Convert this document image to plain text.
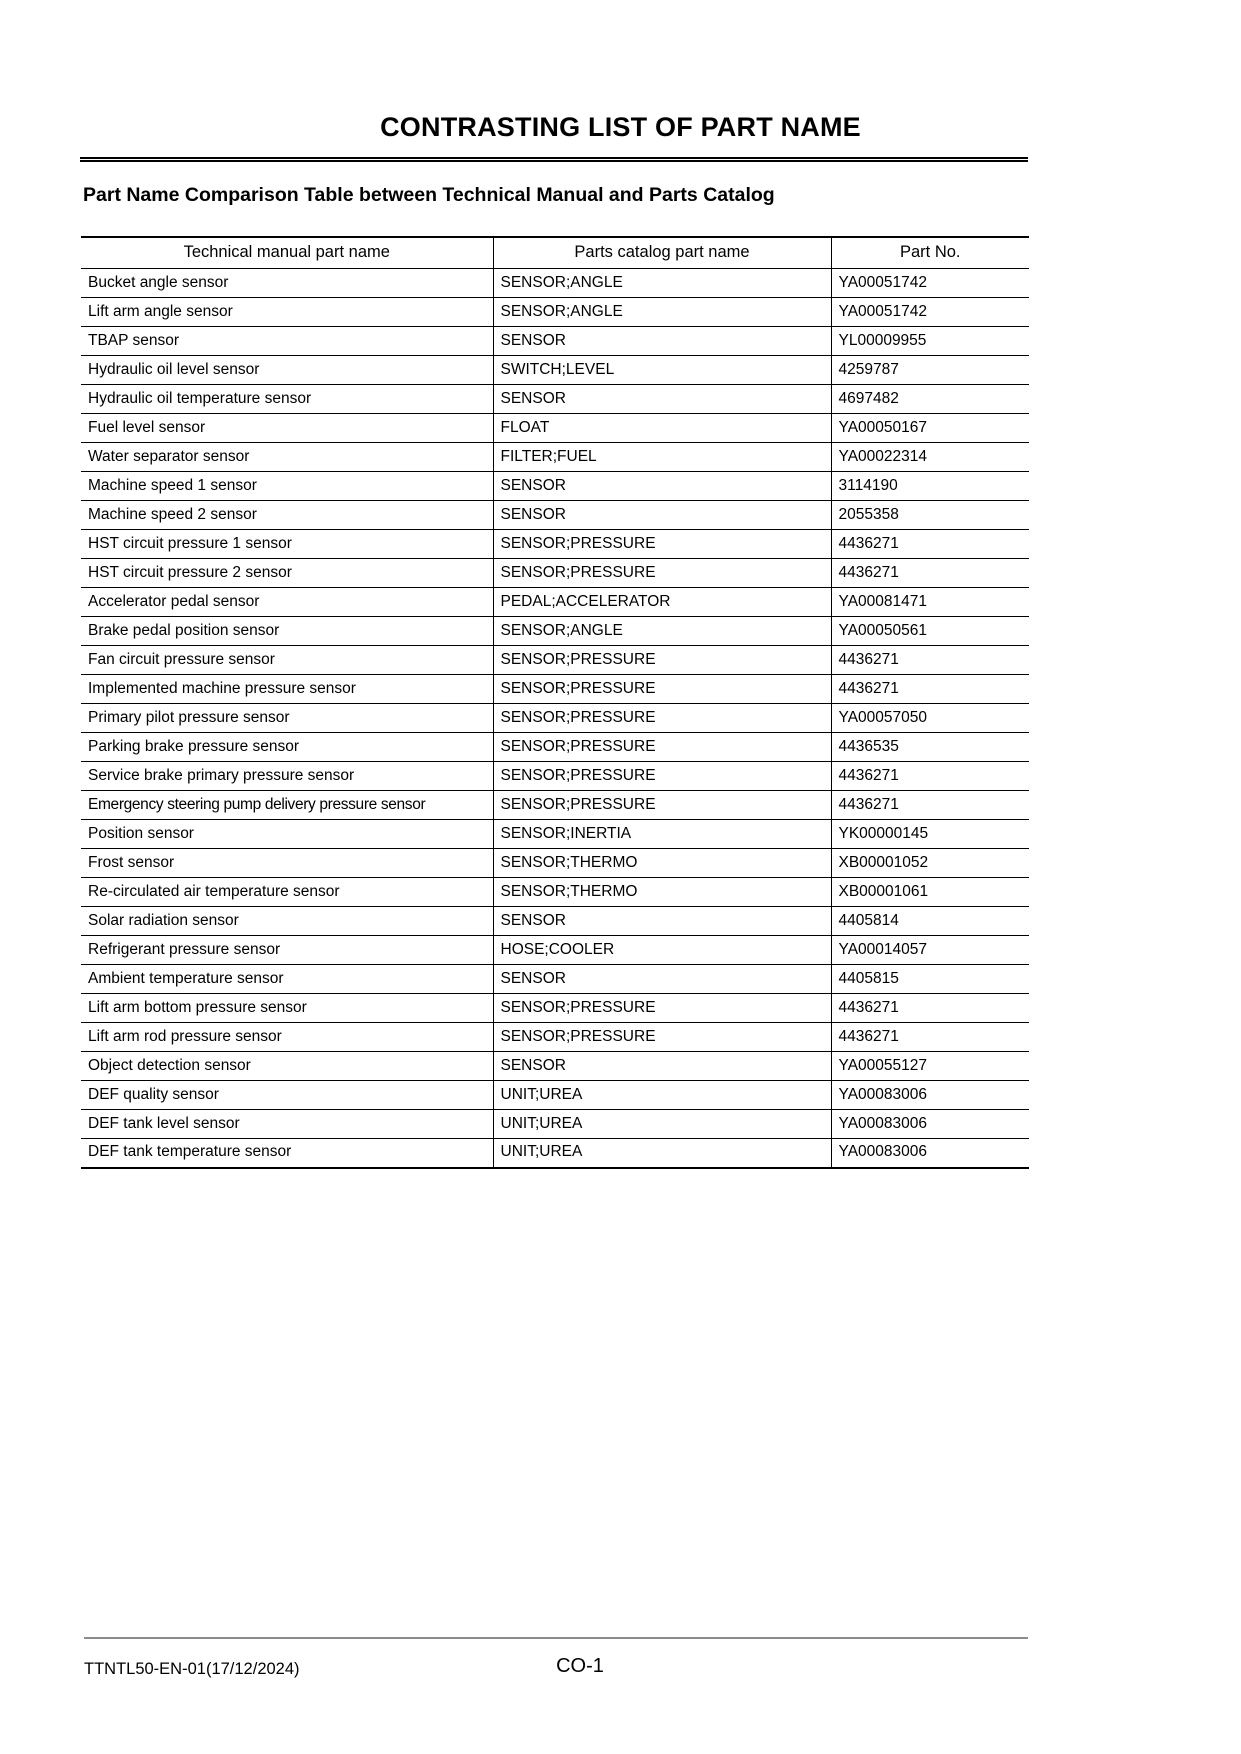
CONTRASTING LIST OF PART NAME
Part Name Comparison Table between Technical Manual and Parts Catalog
Technical manual part name	Parts catalog part name	Part No.
Bucket angle sensor	SENSOR;ANGLE	YA00051742
Lift arm angle sensor	SENSOR;ANGLE	YA00051742
TBAP sensor	SENSOR	YL00009955
Hydraulic oil level sensor	SWITCH;LEVEL	4259787
Hydraulic oil temperature sensor	SENSOR	4697482
Fuel level sensor	FLOAT	YA00050167
Water separator sensor	FILTER;FUEL	YA00022314
Machine speed 1 sensor	SENSOR	3114190
Machine speed 2 sensor	SENSOR	2055358
HST circuit pressure 1 sensor	SENSOR;PRESSURE	4436271
HST circuit pressure 2 sensor	SENSOR;PRESSURE	4436271
Accelerator pedal sensor	PEDAL;ACCELERATOR	YA00081471
Brake pedal position sensor	SENSOR;ANGLE	YA00050561
Fan circuit pressure sensor	SENSOR;PRESSURE	4436271
Implemented machine pressure sensor	SENSOR;PRESSURE	4436271
Primary pilot pressure sensor	SENSOR;PRESSURE	YA00057050
Parking brake pressure sensor	SENSOR;PRESSURE	4436535
Service brake primary pressure sensor	SENSOR;PRESSURE	4436271
Emergency steering pump delivery pressure sensor	SENSOR;PRESSURE	4436271
Position sensor	SENSOR;INERTIA	YK00000145
Frost sensor	SENSOR;THERMO	XB00001052
Re-circulated air temperature sensor	SENSOR;THERMO	XB00001061
Solar radiation sensor	SENSOR	4405814
Refrigerant pressure sensor	HOSE;COOLER	YA00014057
Ambient temperature sensor	SENSOR	4405815
Lift arm bottom pressure sensor	SENSOR;PRESSURE	4436271
Lift arm rod pressure sensor	SENSOR;PRESSURE	4436271
Object detection sensor	SENSOR	YA00055127
DEF quality sensor	UNIT;UREA	YA00083006
DEF tank level sensor	UNIT;UREA	YA00083006
DEF tank temperature sensor	UNIT;UREA	YA00083006
TTNTL50-EN-01(17/12/2024)	CO-1
